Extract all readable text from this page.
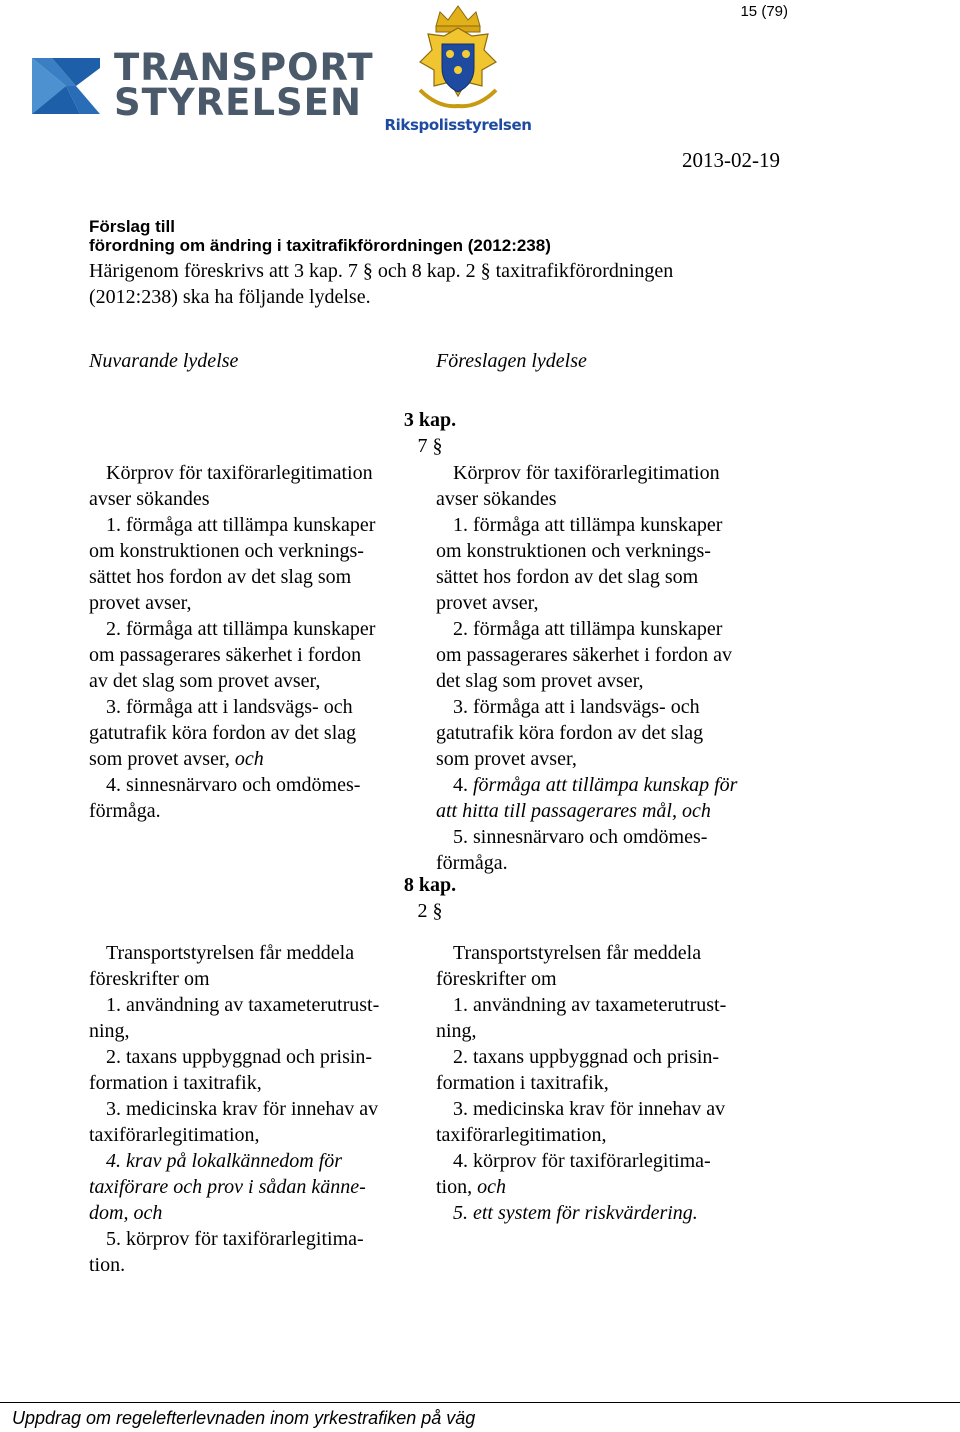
15 (79)
TRANSPORT
STYRELSEN
Rikspolisstyrelsen
2013-02-19
Förslag till
förordning om ändring i taxitrafikförordningen (2012:238)
Härigenom föreskrivs att 3 kap. 7 § och 8 kap. 2 § taxitrafikförordningen
(2012:238) ska ha följande lydelse.
Nuvarande lydelse	Föreslagen lydelse
3 kap.
7 §
Körprov för taxiförarlegitimation
avser sökandes
1. förmåga att tillämpa kunskaper
om konstruktionen och verknings-
sättet hos fordon av det slag som
provet avser,
2. förmåga att tillämpa kunskaper
om passagerares säkerhet i fordon
av det slag som provet avser,
3. förmåga att i landsvägs- och
gatutrafik köra fordon av det slag
som provet avser, och
4. sinnesnärvaro och omdömes-
förmåga.
Körprov för taxiförarlegitimation
avser sökandes
1. förmåga att tillämpa kunskaper
om konstruktionen och verknings-
sättet hos fordon av det slag som
provet avser,
2. förmåga att tillämpa kunskaper
om passagerares säkerhet i fordon av
det slag som provet avser,
3. förmåga att i landsvägs- och
gatutrafik köra fordon av det slag
som provet avser,
4. förmåga att tillämpa kunskap för
att hitta till passagerares mål, och
5. sinnesnärvaro och omdömes-
förmåga.
8 kap.
2 §
Transportstyrelsen får meddela
föreskrifter om
1. användning av taxameterutrust-
ning,
2. taxans uppbyggnad och prisin-
formation i taxitrafik,
3. medicinska krav för innehav av
taxiförarlegitimation,
4. krav på lokalkännedom för
taxiförare och prov i sådan känne-
dom, och
5. körprov för taxiförarlegitima-
tion.
Transportstyrelsen får meddela
föreskrifter om
1. användning av taxameterutrust-
ning,
2. taxans uppbyggnad och prisin-
formation i taxitrafik,
3. medicinska krav för innehav av
taxiförarlegitimation,
4. körprov för taxiförarlegitima-
tion, och
5. ett system för riskvärdering.
Uppdrag om regelefterlevnaden inom yrkestrafiken på väg
